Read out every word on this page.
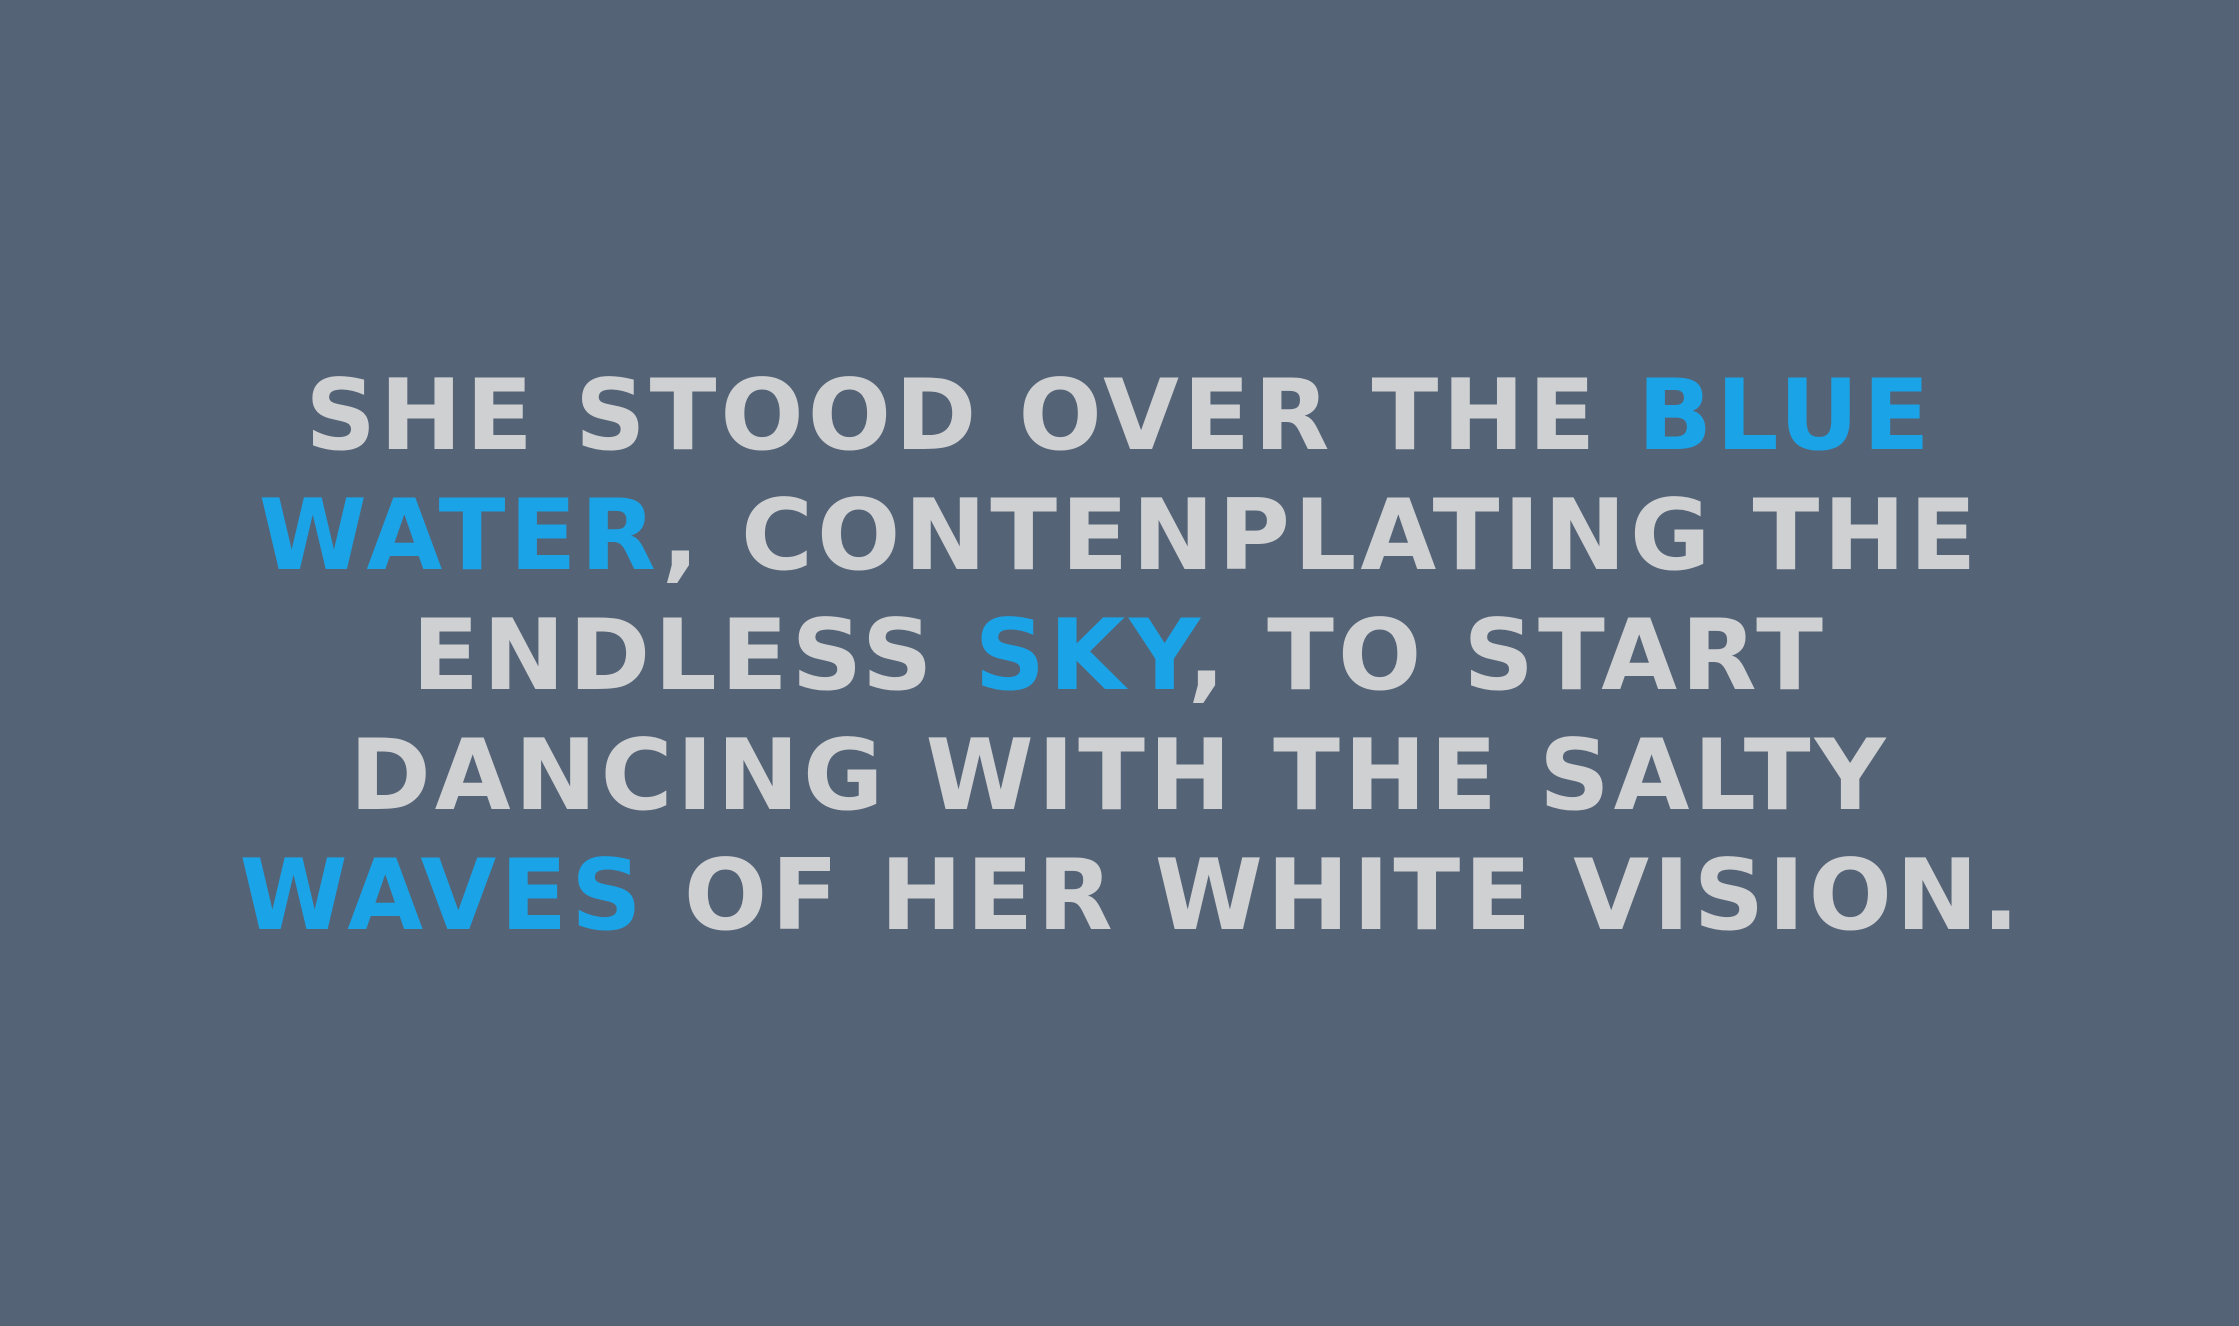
SHE STOOD OVER THE BLUE
WATER, CONTENPLATING THE
ENDLESS SKY, TO START
DANCING WITH THE SALTY
WAVES OF HER WHITE VISION.
